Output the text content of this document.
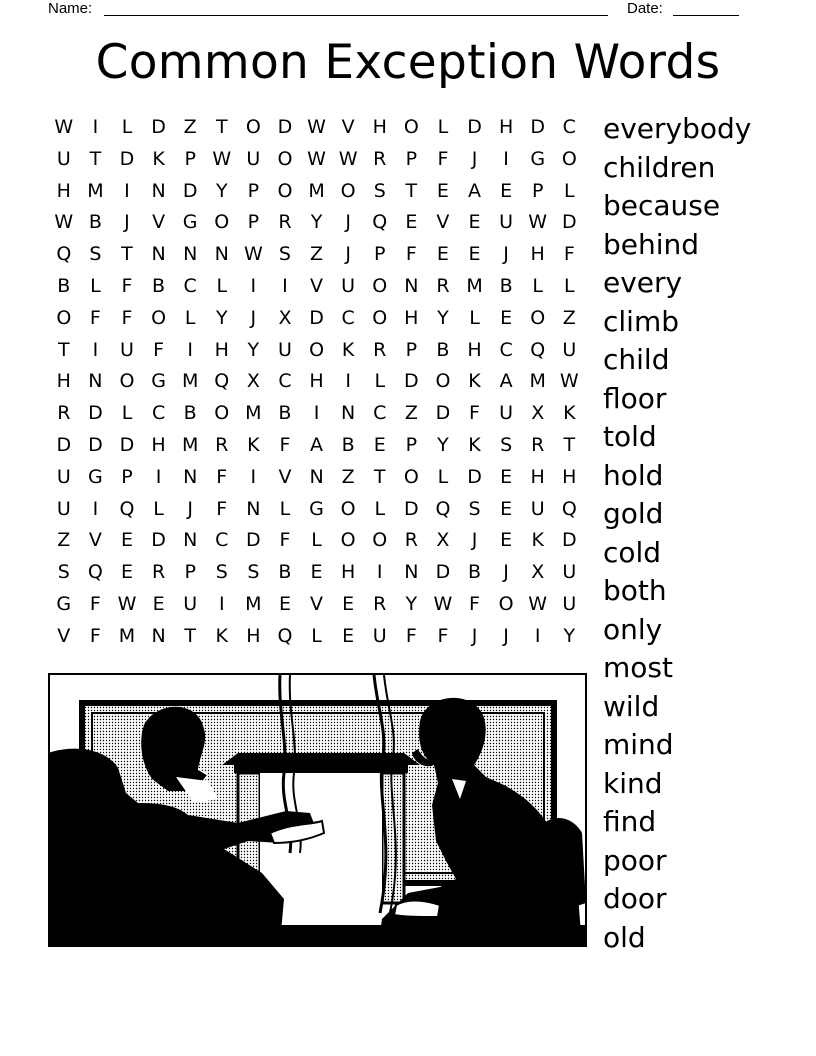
Name:	Date:
Common Exception Words
W I L D Z T O D W V H O L D H D C
U T D K P W U O W W R P F J I G O
H M I N D Y P O M O S T E A E P L
W B J V G O P R Y J Q E V E U W D
Q S T N N N W S Z J P F E E J H F
B L F B C L I I V U O N R M B L L
O F F O L Y J X D C O H Y L E O Z
T I U F I H Y U O K R P B H C Q U
H N O G M Q X C H I L D O K A M W
R D L C B O M B I N C Z D F U X K
D D D H M R K F A B E P Y K S R T
U G P I N F I V N Z T O L D E H H
U I Q L J F N L G O L D Q S E U Q
Z V E D N C D F L O O R X J E K D
S Q E R P S S B E H I N D B J X U
G F W E U I M E V E R Y W F O W U
V F M N T K H Q L E U F F J J I Y
everybody
children
because
behind
every
climb
child
floor
told
hold
gold
cold
both
only
most
wild
mind
kind
find
poor
door
old
